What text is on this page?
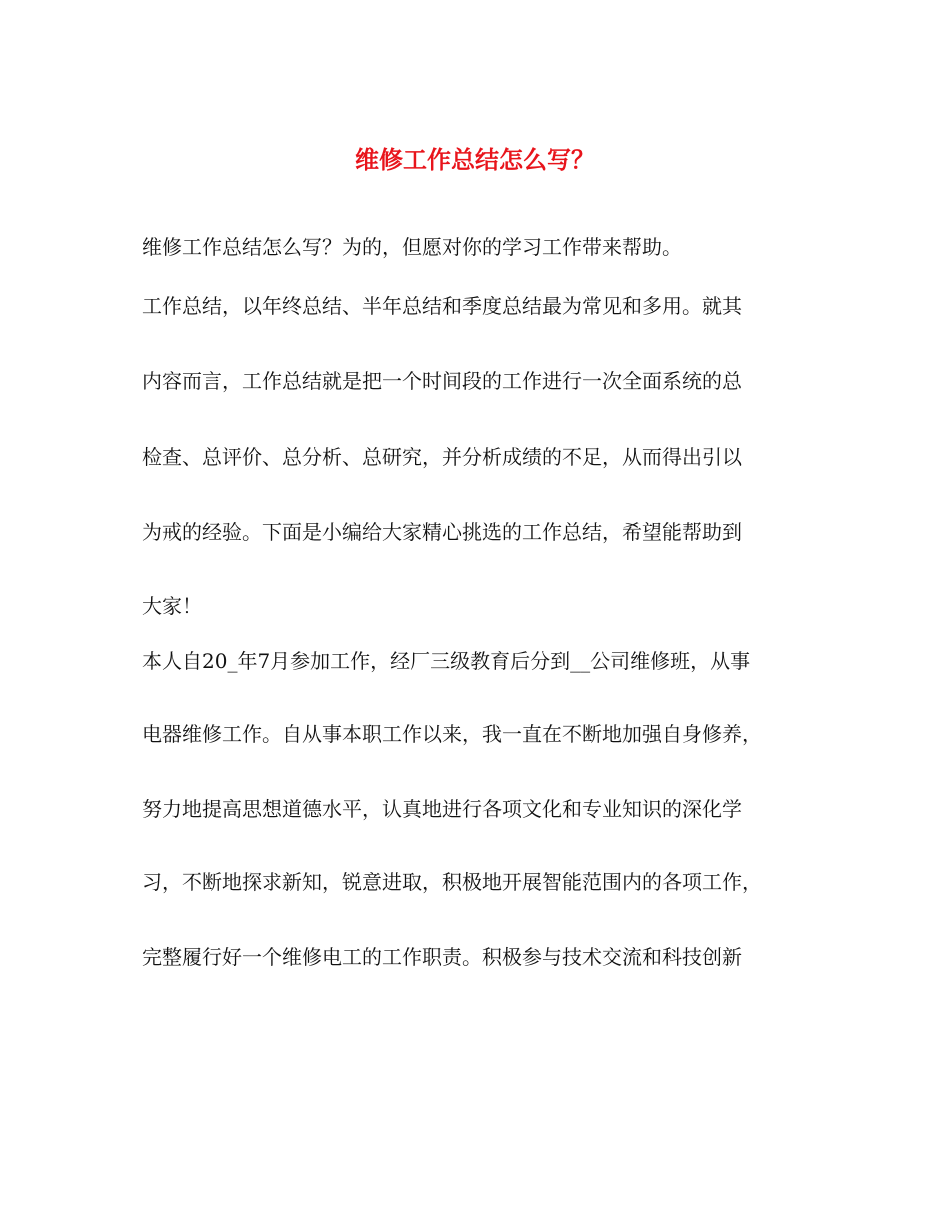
维修工作总结怎么写？

维修工作总结怎么写？为的，但愿对你的学习工作带来帮助。

工作总结，以年终总结、半年总结和季度总结最为常见和多用。就其

内容而言，工作总结就是把一个时间段的工作进行一次全面系统的总

检查、总评价、总分析、总研究，并分析成绩的不足，从而得出引以

为戒的经验。下面是小编给大家精心挑选的工作总结，希望能帮助到

大家！

本人自20_年7月参加工作，经厂三级教育后分到__公司维修班，从事

电器维修工作。自从事本职工作以来，我一直在不断地加强自身修养，

努力地提高思想道德水平，认真地进行各项文化和专业知识的深化学

习，不断地探求新知，锐意进取，积极地开展智能范围内的各项工作，

完整履行好一个维修电工的工作职责。积极参与技术交流和科技创新
